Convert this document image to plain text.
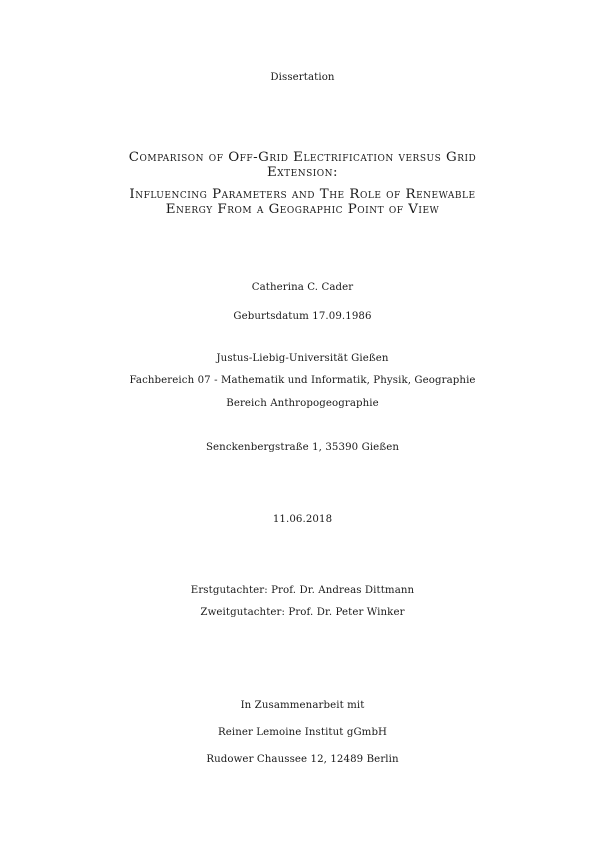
Dissertation
Comparison of Off-Grid Electrification versus Grid
Extension:
Influencing Parameters and The Role of Renewable
Energy From a Geographic Point of View
Catherina C. Cader
Geburtsdatum 17.09.1986
Justus-Liebig-Universität Gießen
Fachbereich 07 - Mathematik und Informatik, Physik, Geographie
Bereich Anthropogeographie
Senckenbergstraße 1, 35390 Gießen
11.06.2018
Erstgutachter: Prof. Dr. Andreas Dittmann
Zweitgutachter: Prof. Dr. Peter Winker
In Zusammenarbeit mit
Reiner Lemoine Institut gGmbH
Rudower Chaussee 12, 12489 Berlin
